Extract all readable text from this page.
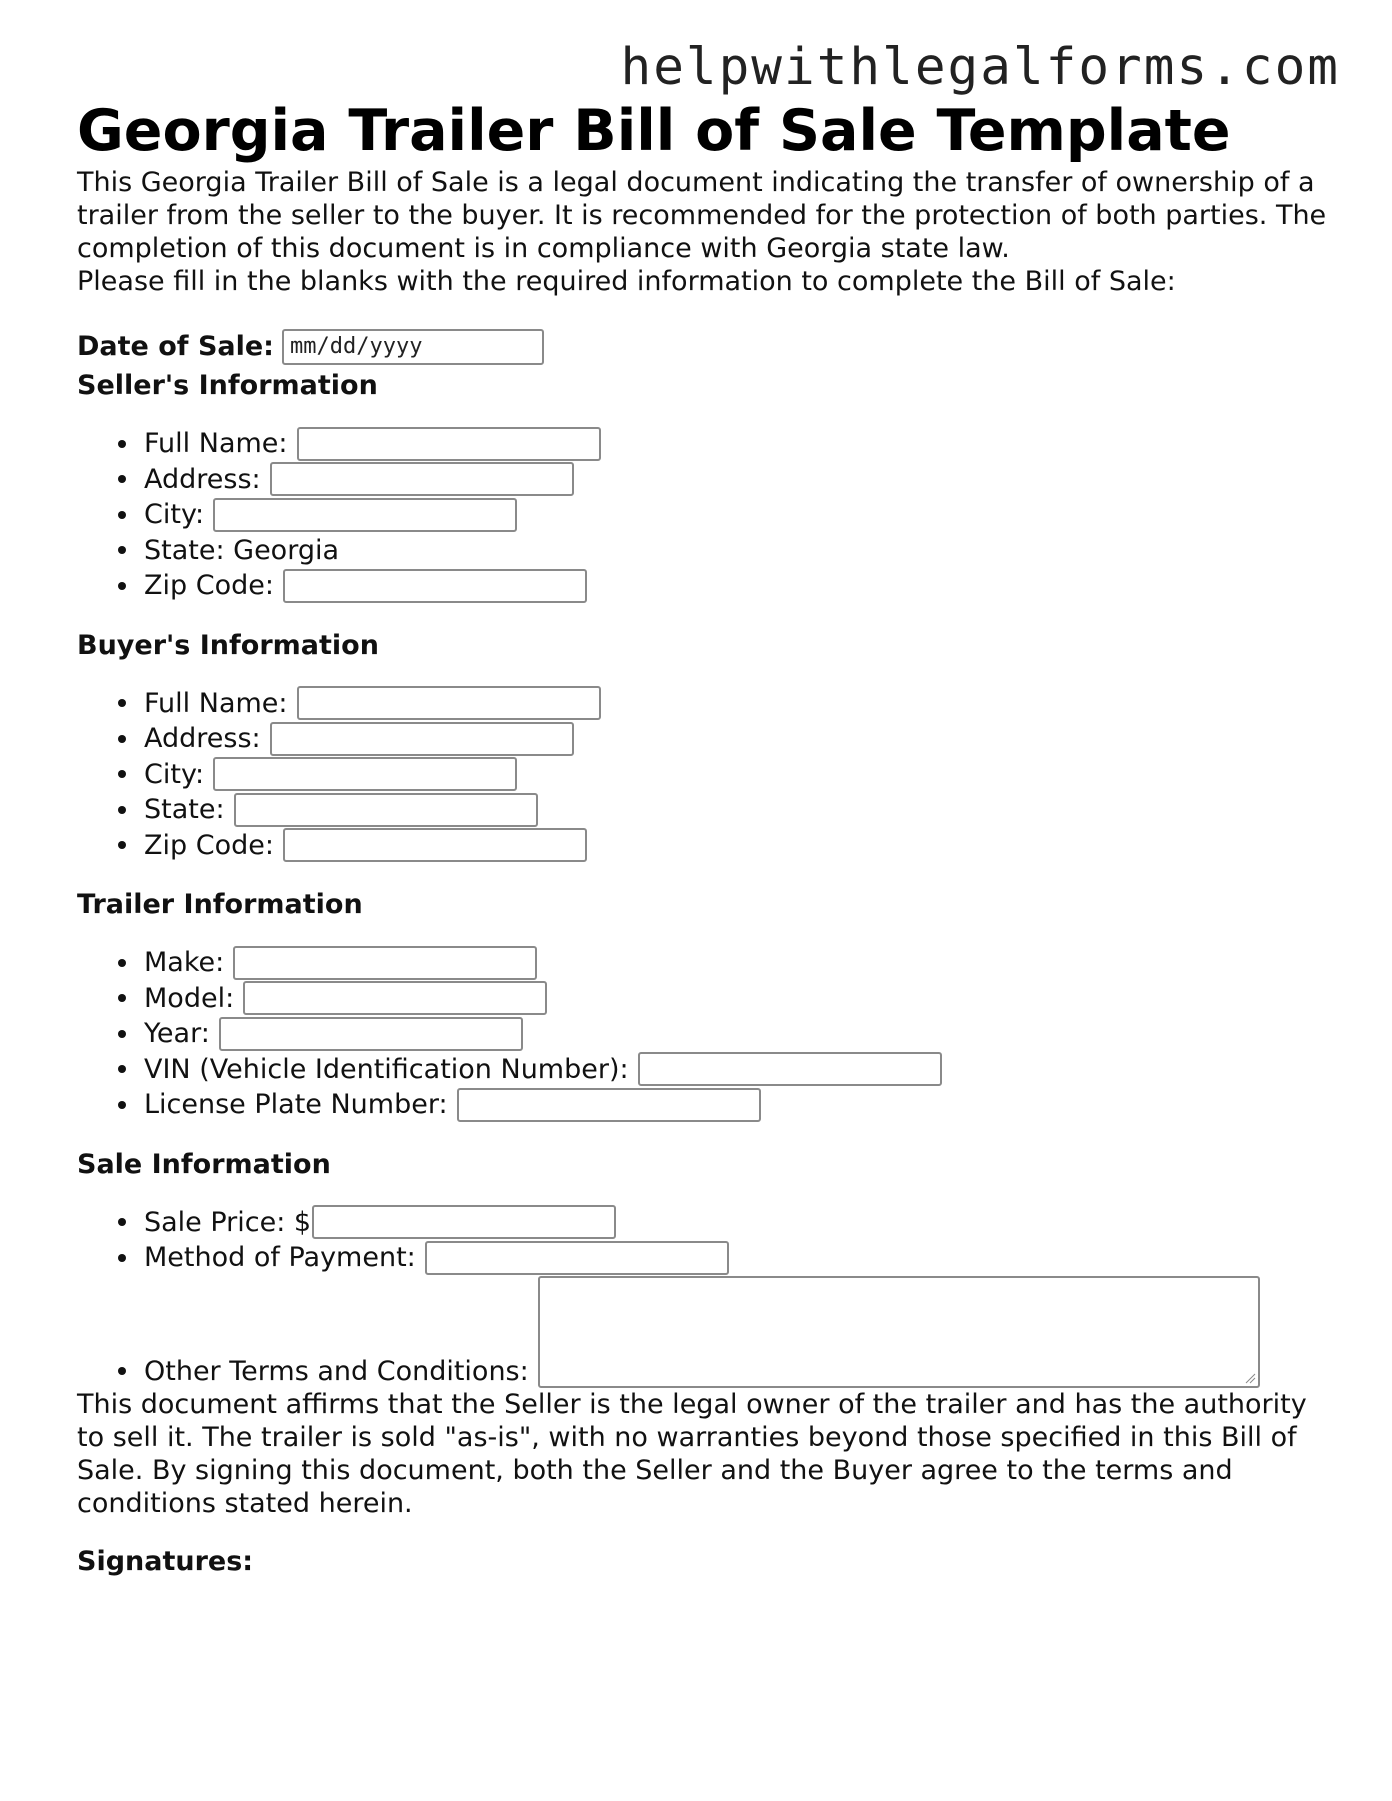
helpwithlegalforms.com
Georgia Trailer Bill of Sale Template

This Georgia Trailer Bill of Sale is a legal document indicating the transfer of ownership of a trailer from the seller to the buyer. It is recommended for the protection of both parties. The completion of this document is in compliance with Georgia state law.

Please fill in the blanks with the required information to complete the Bill of Sale:

Date of Sale: mm/dd/yyyy
Seller's Information
Full Name:
Address:
City:
State: Georgia
Zip Code:
Buyer's Information
Full Name:
Address:
City:
State:
Zip Code:
Trailer Information
Make:
Model:
Year:
VIN (Vehicle Identification Number):
License Plate Number:
Sale Information
Sale Price: $
Method of Payment:
Other Terms and Conditions:

This document affirms that the Seller is the legal owner of the trailer and has the authority to sell it. The trailer is sold "as-is", with no warranties beyond those specified in this Bill of Sale. By signing this document, both the Seller and the Buyer agree to the terms and conditions stated herein.

Signatures:
